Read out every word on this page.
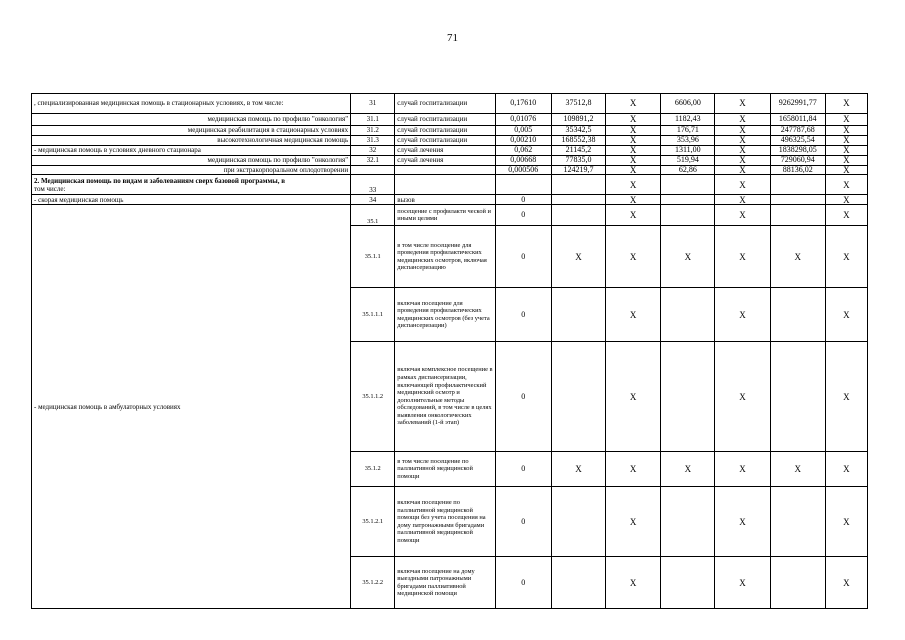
71
, специализированная медицинская помощь в стационарных условиях, в том числе:	31	случай госпитализации	0,17610	37512,8	Х	6606,00	Х	9262991,77	Х
медицинская помощь по профилю "онкология"	31.1	случай госпитализации	0,01076	109891,2	Х	1182,43	Х	1658011,84	Х
медицинская реабилитация в стационарных условиях	31.2	случай госпитализации	0,005	35342,5	Х	176,71	Х	247787,68	Х
высокотехнологичная медицинская помощь	31.3	случай госпитализации	0,00210	168552,38	Х	353,96	Х	496325,54	Х
- медицинская помощь в условиях дневного стационара	32	случай лечения	0,062	21145,2	Х	1311,00	Х	1838298,05	Х
медицинская помощь по профилю "онкология"	32.1	случай лечения	0,00668	77835,0	Х	519,94	Х	729060,94	Х
при экстракорпоральном оплодотворении			0,000506	124219,7	Х	62,86	Х	88136,02	Х
2. Медицинская помощь по видам и заболеваниям сверх базовой программы, в
том числе:	33				Х		Х		Х
- скорая медицинская помощь	34	вызов	0		Х		Х		Х
- медицинская помощь в амбулаторных условиях	35.1	посещение с профилакти ческой и иными целями	0		Х		Х		Х
	35.1.1	в том числе посещение для проведения профилактических медицинских осмотров, включая диспансеризацию	0	Х	Х	Х	Х	Х	Х
	35.1.1.1	включая посещение для проведения профилактических медицинских осмотров (без учета диспансеризации)	0		Х		Х		Х
	35.1.1.2	включая комплексное посещение в рамках диспансеризации, включающей профилактический медицинский осмотр и дополнительные методы обследований, в том числе в целях выявления онкологических заболеваний (1-й этап)	0		Х		Х		Х
	35.1.2	в том числе посещение по паллиативной медицинской помощи	0	Х	Х	Х	Х	Х	Х
	35.1.2.1	включая посещение по паллиативной медицинской помощи без учета посещения на дому патронажными бригадами паллиативной медицинской помощи	0		Х		Х		Х
	35.1.2.2	включая посещение на дому выездными патронажными бригадами паллиативной медицинской помощи	0		Х		Х		Х
